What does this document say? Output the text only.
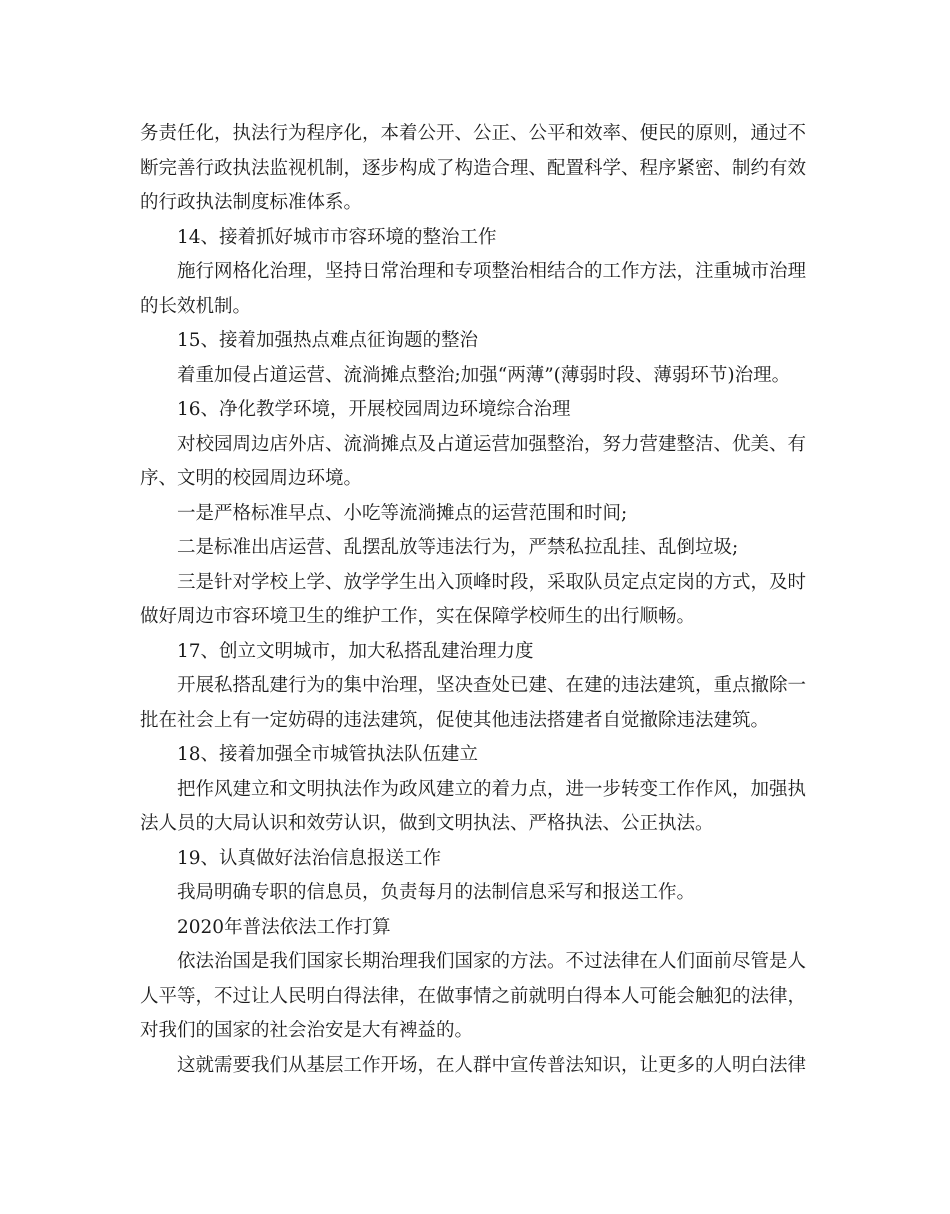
务责任化，执法行为程序化，本着公开、公正、公平和效率、便民的原则，通过不

断完善行政执法监视机制，逐步构成了构造合理、配置科学、程序紧密、制约有效

的行政执法制度标准体系。

14、接着抓好城市市容环境的整治工作

施行网格化治理，坚持日常治理和专项整治相结合的工作方法，注重城市治理

的长效机制。

15、接着加强热点难点征询题的整治

着重加侵占道运营、流淌摊点整治;加强“两薄”(薄弱时段、薄弱环节)治理。

16、净化教学环境，开展校园周边环境综合治理

对校园周边店外店、流淌摊点及占道运营加强整治，努力营建整洁、优美、有

序、文明的校园周边环境。

一是严格标准早点、小吃等流淌摊点的运营范围和时间;

二是标准出店运营、乱摆乱放等违法行为，严禁私拉乱挂、乱倒垃圾;

三是针对学校上学、放学学生出入顶峰时段，采取队员定点定岗的方式，及时

做好周边市容环境卫生的维护工作，实在保障学校师生的出行顺畅。

17、创立文明城市，加大私搭乱建治理力度

开展私搭乱建行为的集中治理，坚决查处已建、在建的违法建筑，重点撤除一

批在社会上有一定妨碍的违法建筑，促使其他违法搭建者自觉撤除违法建筑。

18、接着加强全市城管执法队伍建立

把作风建立和文明执法作为政风建立的着力点，进一步转变工作作风，加强执

法人员的大局认识和效劳认识，做到文明执法、严格执法、公正执法。

19、认真做好法治信息报送工作

我局明确专职的信息员，负责每月的法制信息采写和报送工作。

2020年普法依法工作打算

依法治国是我们国家长期治理我们国家的方法。不过法律在人们面前尽管是人

人平等，不过让人民明白得法律，在做事情之前就明白得本人可能会触犯的法律，

对我们的国家的社会治安是大有裨益的。

这就需要我们从基层工作开场，在人群中宣传普法知识，让更多的人明白法律
